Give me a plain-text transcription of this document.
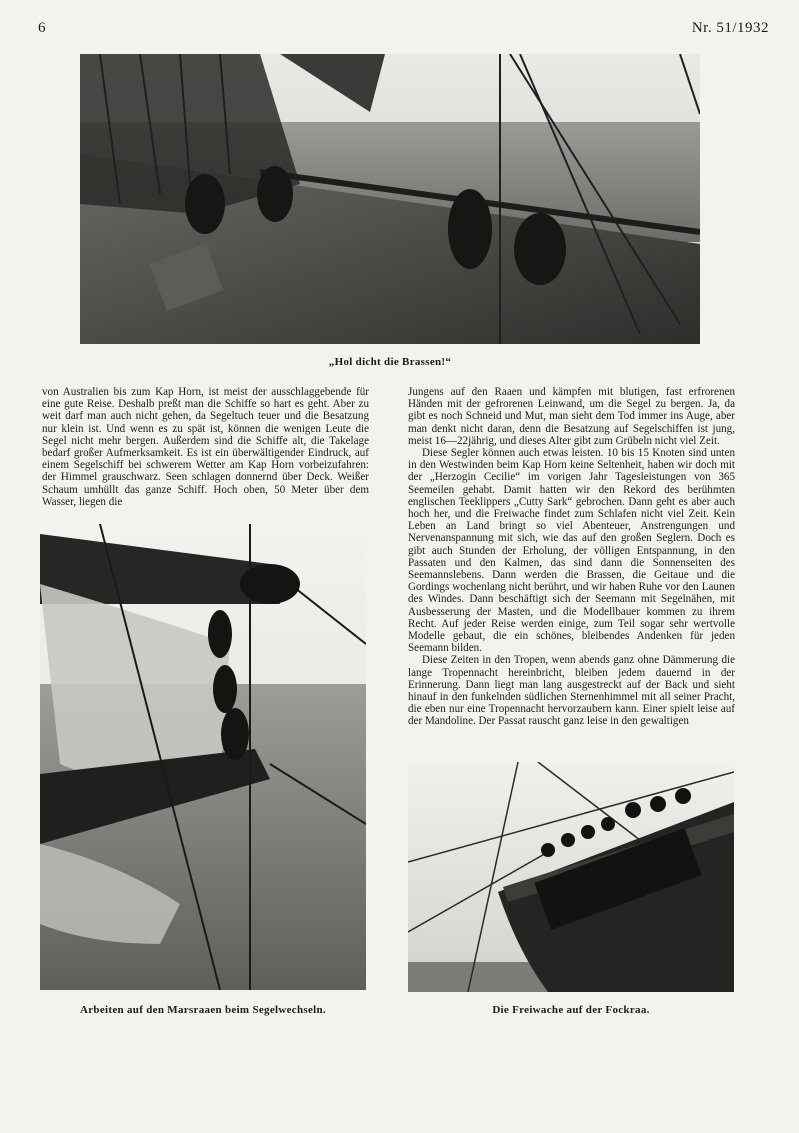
6	Nr. 51/1932
„Hol dicht die Brassen!“

von Australien bis zum Kap Horn, ist meist der ausschlaggebende für eine gute Reise. Deshalb preßt man die Schiffe so hart es geht. Aber zu weit darf man auch nicht gehen, da Segeltuch teuer und die Besatzung nur klein ist. Und wenn es zu spät ist, können die wenigen Leute die Segel nicht mehr bergen. Außerdem sind die Schiffe alt, die Takelage bedarf großer Aufmerksamkeit. Es ist ein überwältigender Eindruck, auf einem Segelschiff bei schwerem Wetter am Kap Horn vorbeizufahren: der Himmel grauschwarz. Seen schlagen donnernd über Deck. Weißer Schaum umhüllt das ganze Schiff. Hoch oben, 50 Meter über dem Wasser, liegen die

Jungens auf den Raaen und kämpfen mit blutigen, fast erfrorenen Händen mit der gefrorenen Leinwand, um die Segel zu bergen. Ja, da gibt es noch Schneid und Mut, man sieht dem Tod immer ins Auge, aber man denkt nicht daran, denn die Besatzung auf Segelschiffen ist jung, meist 16—22jährig, und dieses Alter gibt zum Grübeln nicht viel Zeit.

Diese Segler können auch etwas leisten. 10 bis 15 Knoten sind unten in den Westwinden beim Kap Horn keine Seltenheit, haben wir doch mit der „Herzogin Cecilie“ im vorigen Jahr Tagesleistungen von 365 Seemeilen gehabt. Damit hatten wir den Rekord des berühmten englischen Teeklippers „Cutty Sark“ gebrochen. Dann geht es aber auch hoch her, und die Freiwache findet zum Schlafen nicht viel Zeit. Kein Leben an Land bringt so viel Abenteuer, Anstrengungen und Nervenanspannung mit sich, wie das auf den großen Seglern. Doch es gibt auch Stunden der Erholung, der völligen Entspannung, in den Passaten und den Kalmen, das sind dann die Sonnenseiten des Seemannslebens. Dann werden die Brassen, die Geitaue und die Gordings wochenlang nicht berührt, und wir haben Ruhe vor den Launen des Windes. Dann beschäftigt sich der Seemann mit Segelnähen, mit Ausbesserung der Masten, und die Modellbauer kommen zu ihrem Recht. Auf jeder Reise werden einige, zum Teil sogar sehr wertvolle Modelle gebaut, die ein schönes, bleibendes Andenken für jeden Seemann bilden.

Diese Zeiten in den Tropen, wenn abends ganz ohne Dämmerung die lange Tropennacht hereinbricht, bleiben jedem dauernd in der Erinnerung. Dann liegt man lang ausgestreckt auf der Back und sieht hinauf in den funkelnden südlichen Sternenhimmel mit all seiner Pracht, die eben nur eine Tropennacht hervorzaubern kann. Einer spielt leise auf der Mandoline. Der Passat rauscht ganz leise in den gewaltigen

Arbeiten auf den Marsraaen beim Segelwechseln.	Die Freiwache auf der Fockraa.
